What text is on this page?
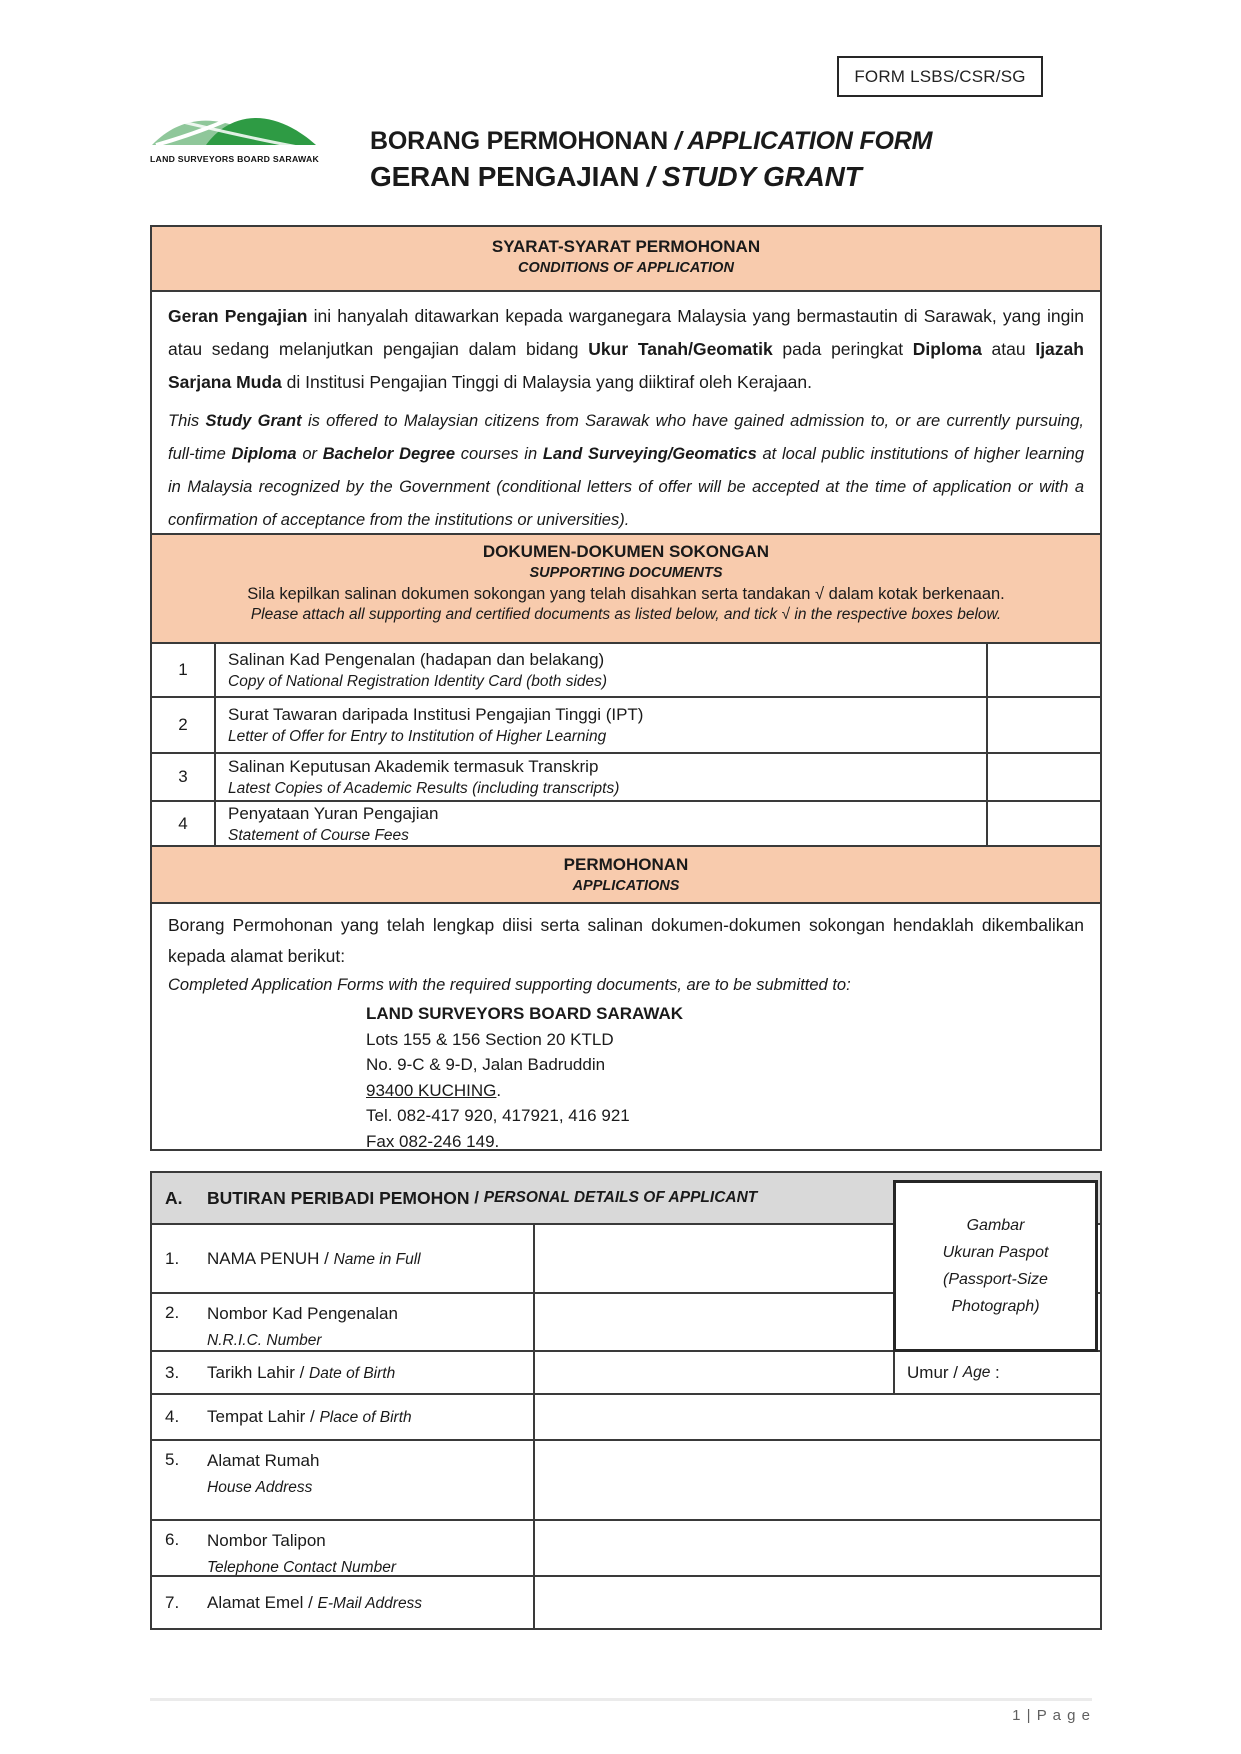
FORM LSBS/CSR/SG
LAND SURVEYORS BOARD SARAWAK
BORANG PERMOHONAN / APPLICATION FORM
GERAN PENGAJIAN / STUDY GRANT
SYARAT-SYARAT PERMOHONAN
CONDITIONS OF APPLICATION

Geran Pengajian ini hanyalah ditawarkan kepada warganegara Malaysia yang bermastautin di Sarawak, yang ingin atau sedang melanjutkan pengajian dalam bidang Ukur Tanah/Geomatik pada peringkat Diploma atau Ijazah Sarjana Muda di Institusi Pengajian Tinggi di Malaysia yang diiktiraf oleh Kerajaan.

This Study Grant is offered to Malaysian citizens from Sarawak who have gained admission to, or are currently pursuing, full-time Diploma or Bachelor Degree courses in Land Surveying/Geomatics at local public institutions of higher learning in Malaysia recognized by the Government (conditional letters of offer will be accepted at the time of application or with a confirmation of acceptance from the institutions or universities).

DOKUMEN-DOKUMEN SOKONGAN
SUPPORTING DOCUMENTS
Sila kepilkan salinan dokumen sokongan yang telah disahkan serta tandakan √ dalam kotak berkenaan.
Please attach all supporting and certified documents as listed below, and tick √ in the respective boxes below.
1
Salinan Kad Pengenalan (hadapan dan belakang)
Copy of National Registration Identity Card (both sides)
2
Surat Tawaran daripada Institusi Pengajian Tinggi (IPT)
Letter of Offer for Entry to Institution of Higher Learning
3
Salinan Keputusan Akademik termasuk Transkrip
Latest Copies of Academic Results (including transcripts)
4
Penyataan Yuran Pengajian
Statement of Course Fees
PERMOHONAN
APPLICATIONS

Borang Permohonan yang telah lengkap diisi serta salinan dokumen-dokumen sokongan hendaklah dikembalikan kepada alamat berikut:

Completed Application Forms with the required supporting documents, are to be submitted to:

LAND SURVEYORS BOARD SARAWAK
Lots 155 & 156 Section 20 KTLD
No. 9-C & 9-D, Jalan Badruddin
93400 KUCHING.
Tel. 082-417 920, 417921, 416 921
Fax 082-246 149.
A.	BUTIRAN PERIBADI PEMOHON / PERSONAL DETAILS OF APPLICANT
Gambar
Ukuran Paspot
(Passport-Size
Photograph)
1.	NAMA PENUH / Name in Full
2.	Nombor Kad Pengenalan
N.R.I.C. Number
3.	Tarikh Lahir / Date of Birth	Umur / Age :
4.	Tempat Lahir / Place of Birth
5.	Alamat Rumah
House Address
6.	Nombor Talipon
Telephone Contact Number
7.	Alamat Emel / E-Mail Address
1 | P a g e
